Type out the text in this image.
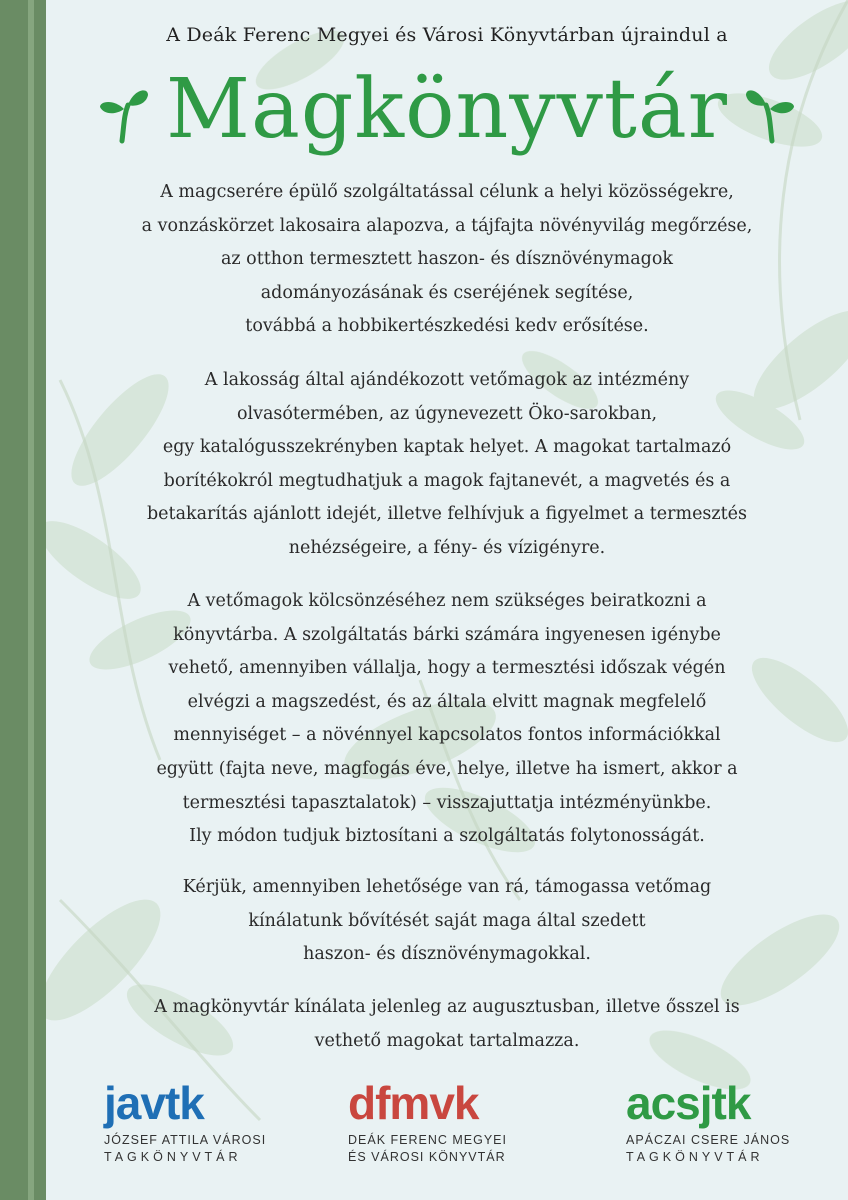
A Deák Ferenc Megyei és Városi Könyvtárban újraindul a
Magkönyvtár
A magcserére épülő szolgáltatással célunk a helyi közösségekre,
a vonzáskörzet lakosaira alapozva, a tájfajta növényvilág megőrzése,
az otthon termesztett haszon- és dísznövénymagok
adományozásának és cseréjének segítése,
továbbá a hobbikertészkedési kedv erősítése.
A lakosság által ajándékozott vetőmagok az intézmény
olvasótermében, az úgynevezett Öko-sarokban,
egy katalógusszekrényben kaptak helyet. A magokat tartalmazó
borítékokról megtudhatjuk a magok fajtanevét, a magvetés és a
betakarítás ajánlott idejét, illetve felhívjuk a figyelmet a termesztés
nehézségeire, a fény- és vízigényre.
A vetőmagok kölcsönzéséhez nem szükséges beiratkozni a
könyvtárba. A szolgáltatás bárki számára ingyenesen igénybe
vehető, amennyiben vállalja, hogy a termesztési időszak végén
elvégzi a magszedést, és az általa elvitt magnak megfelelő
mennyiséget – a növénnyel kapcsolatos fontos információkkal
együtt (fajta neve, magfogás éve, helye, illetve ha ismert, akkor a
termesztési tapasztalatok) – visszajuttatja intézményünkbe.
Ily módon tudjuk biztosítani a szolgáltatás folytonosságát.
Kérjük, amennyiben lehetősége van rá, támogassa vetőmag
kínálatunk bővítését saját maga által szedett
haszon- és dísznövénymagokkal.
A magkönyvtár kínálata jelenleg az augusztusban, illetve ősszel is
vethető magokat tartalmazza.
javtk
JÓZSEF ATTILA VÁROSI
TAGKÖNYVTÁR
dfmvk
DEÁK FERENC MEGYEI
ÉS VÁROSI KÖNYVTÁR
acsjtk
APÁCZAI CSERE JÁNOS
TAGKÖNYVTÁR
